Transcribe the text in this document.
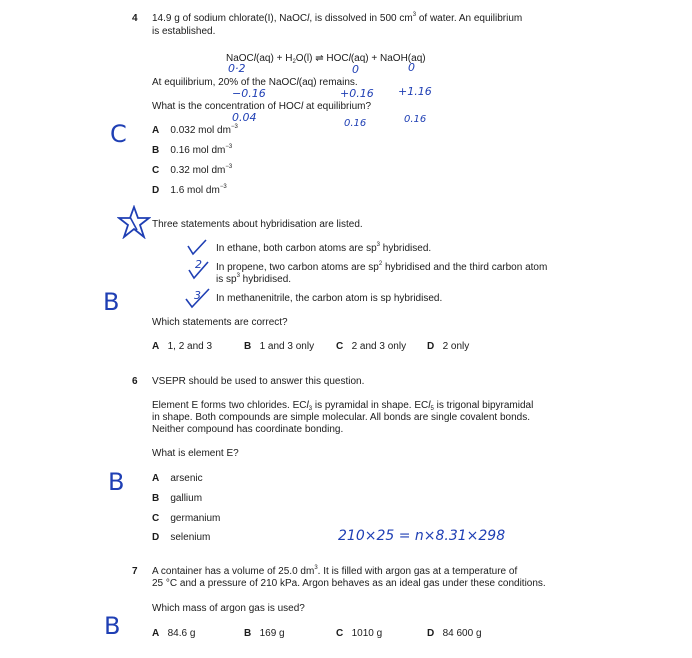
4 14.9 g of sodium chlorate(I), NaOCl, is dissolved in 500 $cm^3$ of water. An equilibrium
is established.
NaOCl(aq) + $H_2O(l)$ ⇌ HOCl(aq) + NaOH(aq)
At equilibrium, 20% of the NaOCl(aq) remains.
What is the concentration of HOCl at equilibrium?
A 0.032 mol $dm^{-3}$
B 0.16 mol $dm^{-3}$
C 0.32 mol $dm^{-3}$
D 1.6 mol $dm^{-3}$
0·2	0	0
−0.16	+0.16 +1.16
0.04	0.16	0.16
C
Three statements about hybridisation are listed.
In ethane, both carbon atoms are $sp^3$ hybridised.
In propene, two carbon atoms are $sp^2$ hybridised and the third carbon atom
is $sp^3$ hybridised.
In methanenitrile, the carbon atom is sp hybridised.
2
3
B
Which statements are correct?
A 1, 2 and 3	B 1 and 3 only C 2 and 3 only D 2 only
6 VSEPR should be used to answer this question.
Element E forms two chlorides. ECl$_3$ is pyramidal in shape. ECl$_5$ is trigonal bipyramidal
in shape. Both compounds are simple molecular. All bonds are single covalent bonds.
Neither compound has coordinate bonding.
What is element E?
A arsenic
B gallium
C germanium
D selenium
B
210×25 = n×8.31×298
7 A container has a volume of 25.0 $dm^3$. It is filled with argon gas at a temperature of
25 °C and a pressure of 210 kPa. Argon behaves as an ideal gas under these conditions.
Which mass of argon gas is used?
A 84.6 g	B 169 g	C 1010 g	D 84 600 g
B
